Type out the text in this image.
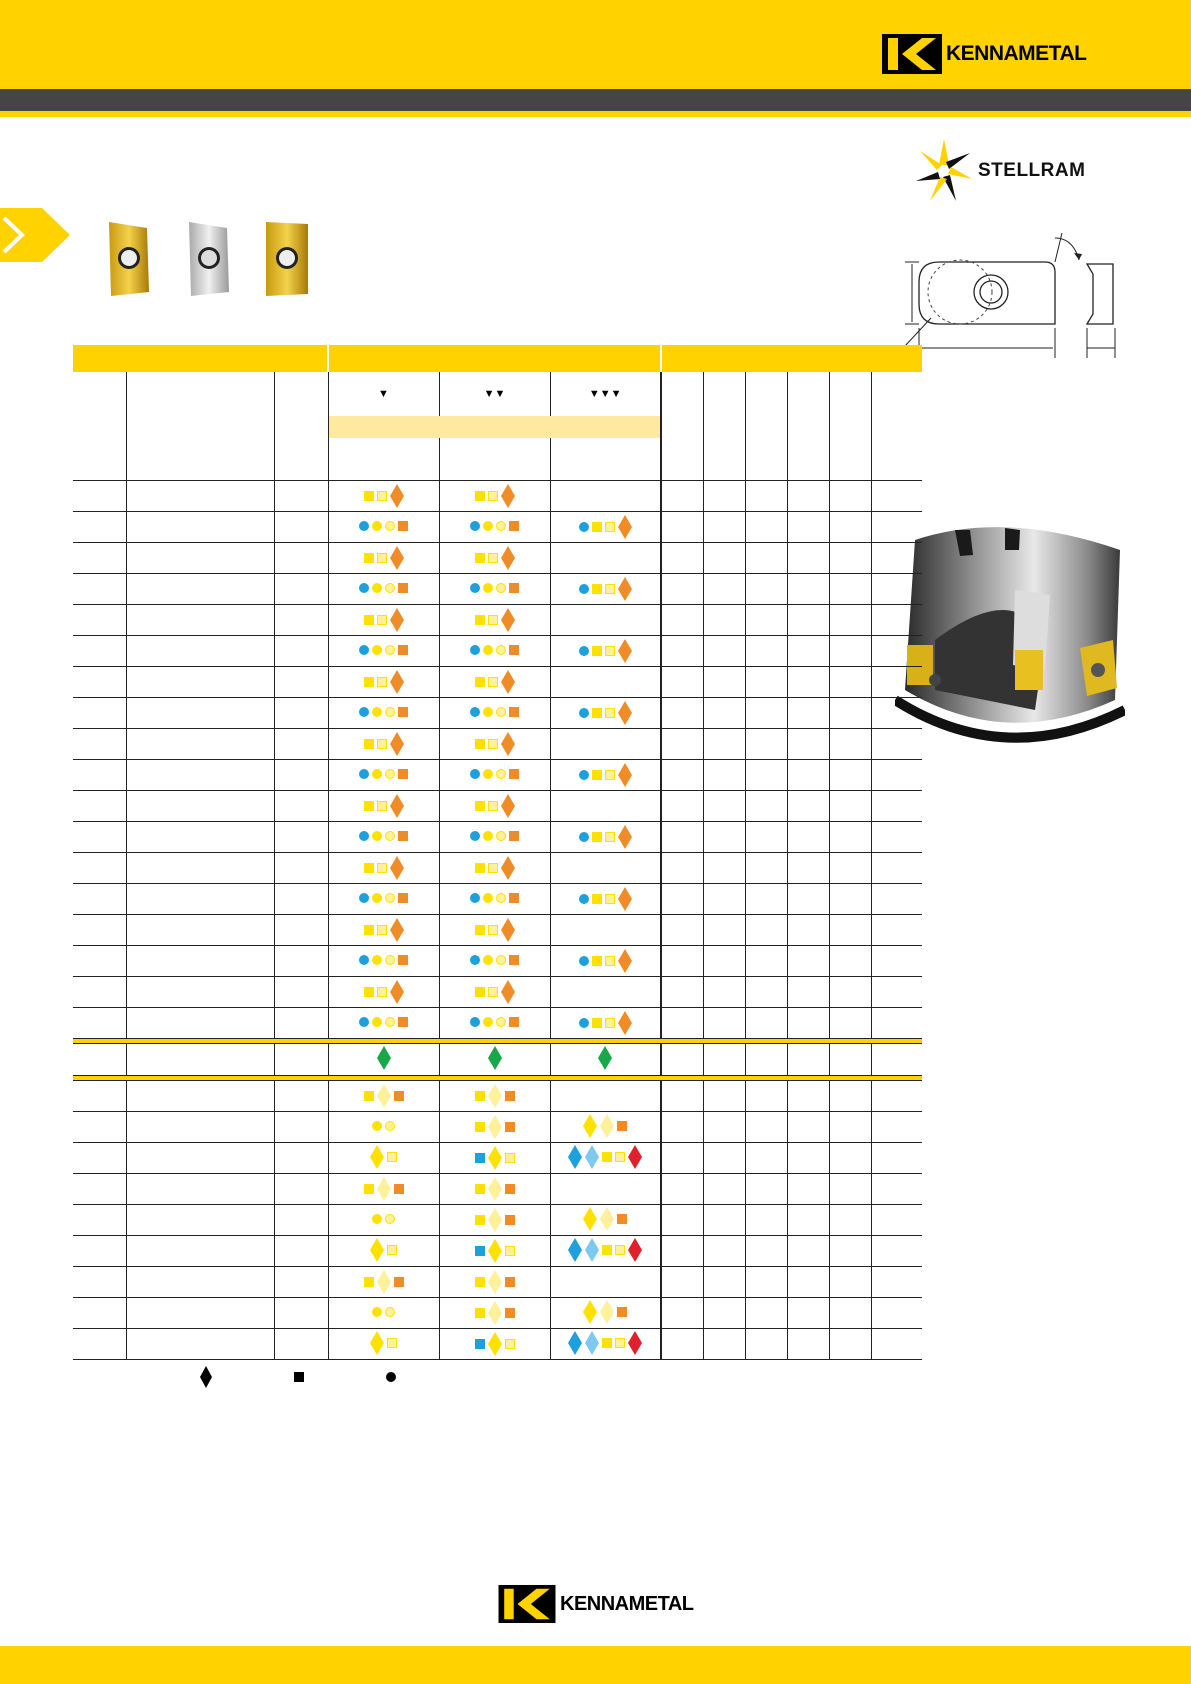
KENNAMETAL
STELLRAM

			▼	▼▼	▼▼▼						

KENNAMETAL
